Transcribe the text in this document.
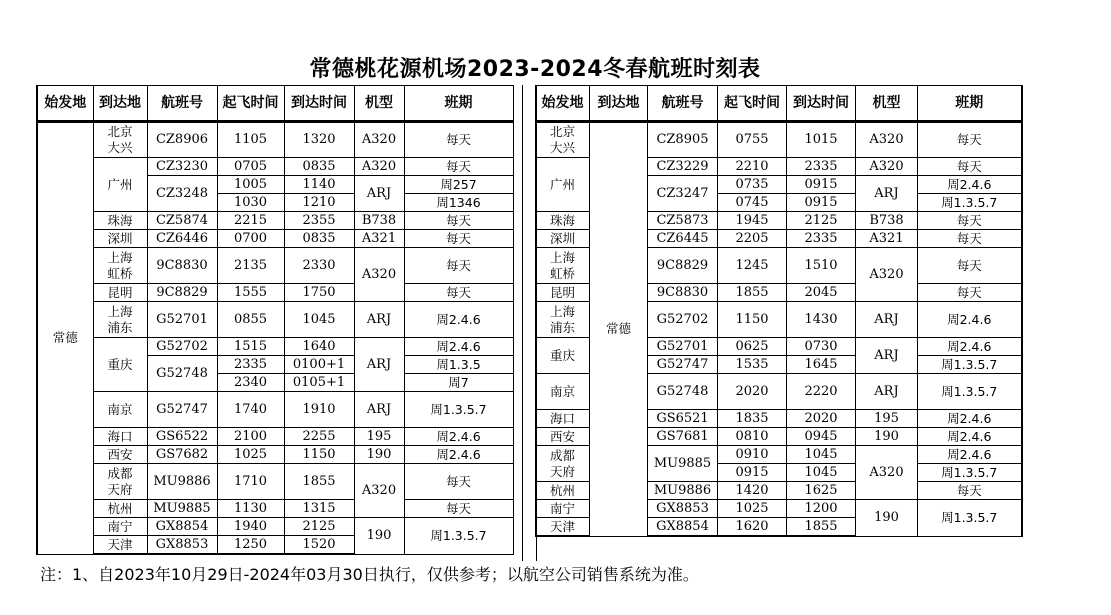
常德桃花源机场2023-2024冬春航班时刻表
始发地	到达地	航班号	起飞时间	到达时间	机型	班期
常德	北京大兴	CZ8906	1105	1320	A320	每天
	广州	CZ3230	0705	0835	A320	每天
		CZ3248	1005	1140	ARJ	周257
			1030	1210		周1346
	珠海	CZ5874	2215	2355	B738	每天
	深圳	CZ6446	0700	0835	A321	每天
	上海虹桥	9C8830	2135	2330	A320	每天
	昆明	9C8829	1555	1750		每天
	上海浦东	G52701	0855	1045	ARJ	周2.4.6
	重庆	G52702	1515	1640	ARJ	周2.4.6
		G52748	2335	0100+1		周1.3.5
			2340	0105+1		周7
	南京	G52747	1740	1910	ARJ	周1.3.5.7
	海口	GS6522	2100	2255	195	周2.4.6
	西安	GS7682	1025	1150	190	周2.4.6
	成都天府	MU9886	1710	1855	A320	每天
	杭州	MU9885	1130	1315		每天
	南宁	GX8854	1940	2125	190	周1.3.5.7
	天津	GX8853	1250	1520		
始发地	到达地	航班号	起飞时间	到达时间	机型	班期
北京大兴	常德	CZ8905	0755	1015	A320	每天
广州		CZ3229	2210	2335	A320	每天
		CZ3247	0735	0915	ARJ	周2.4.6
			0745	0915		周1.3.5.7
珠海		CZ5873	1945	2125	B738	每天
深圳		CZ6445	2205	2335	A321	每天
上海虹桥		9C8829	1245	1510	A320	每天
昆明		9C8830	1855	2045		每天
上海浦东		G52702	1150	1430	ARJ	周2.4.6
重庆		G52701	0625	0730	ARJ	周2.4.6
		G52747	1535	1645		周1.3.5.7

南京		G52748	2020	2220	ARJ	周1.3.5.7
海口		GS6521	1835	2020	195	周2.4.6
西安		GS7681	0810	0945	190	周2.4.6
成都天府		MU9885	0910	1045	A320	周2.4.6
			0915	1045		周1.3.5.7
杭州		MU9886	1420	1625		每天
南宁		GX8853	1025	1200	190	周1.3.5.7
天津		GX8854	1620	1855		
注：1、自2023年10月29日-2024年03月30日执行，仅供参考；以航空公司销售系统为准。
